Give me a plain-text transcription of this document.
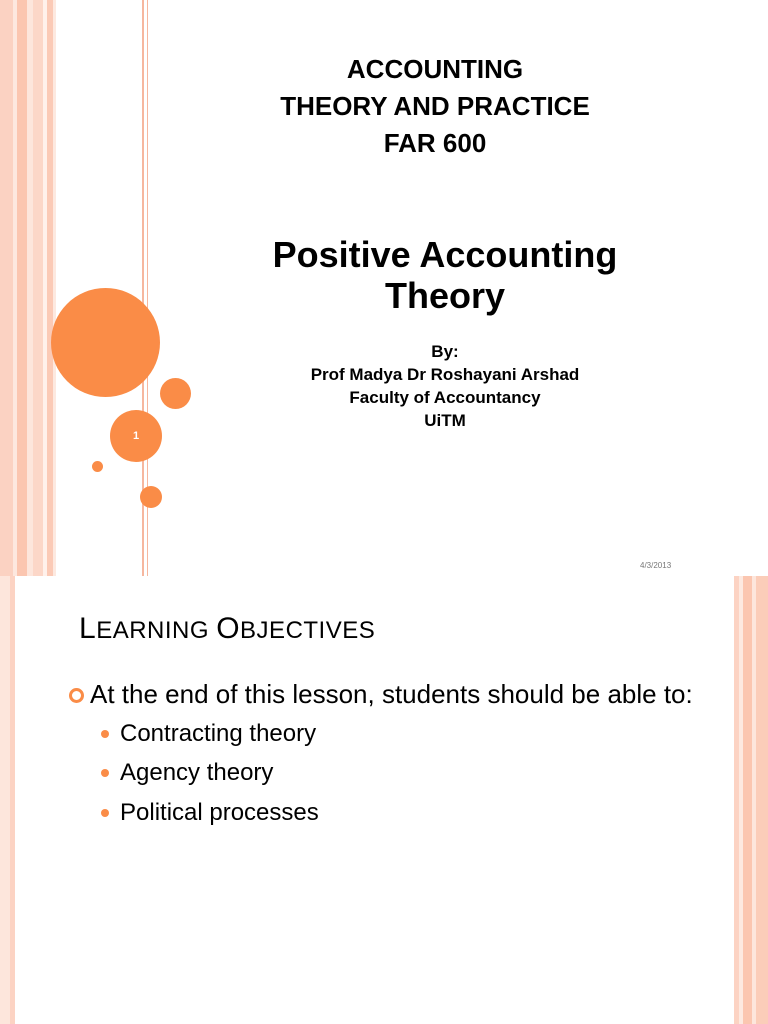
1
ACCOUNTING
THEORY AND PRACTICE
FAR 600
Positive Accounting
Theory
By:
Prof Madya Dr Roshayani Arshad
Faculty of Accountancy
UiTM
4/3/2013
LEARNING OBJECTIVES
At the end of this lesson, students should be able to:
Contracting theory
Agency theory
Political processes
